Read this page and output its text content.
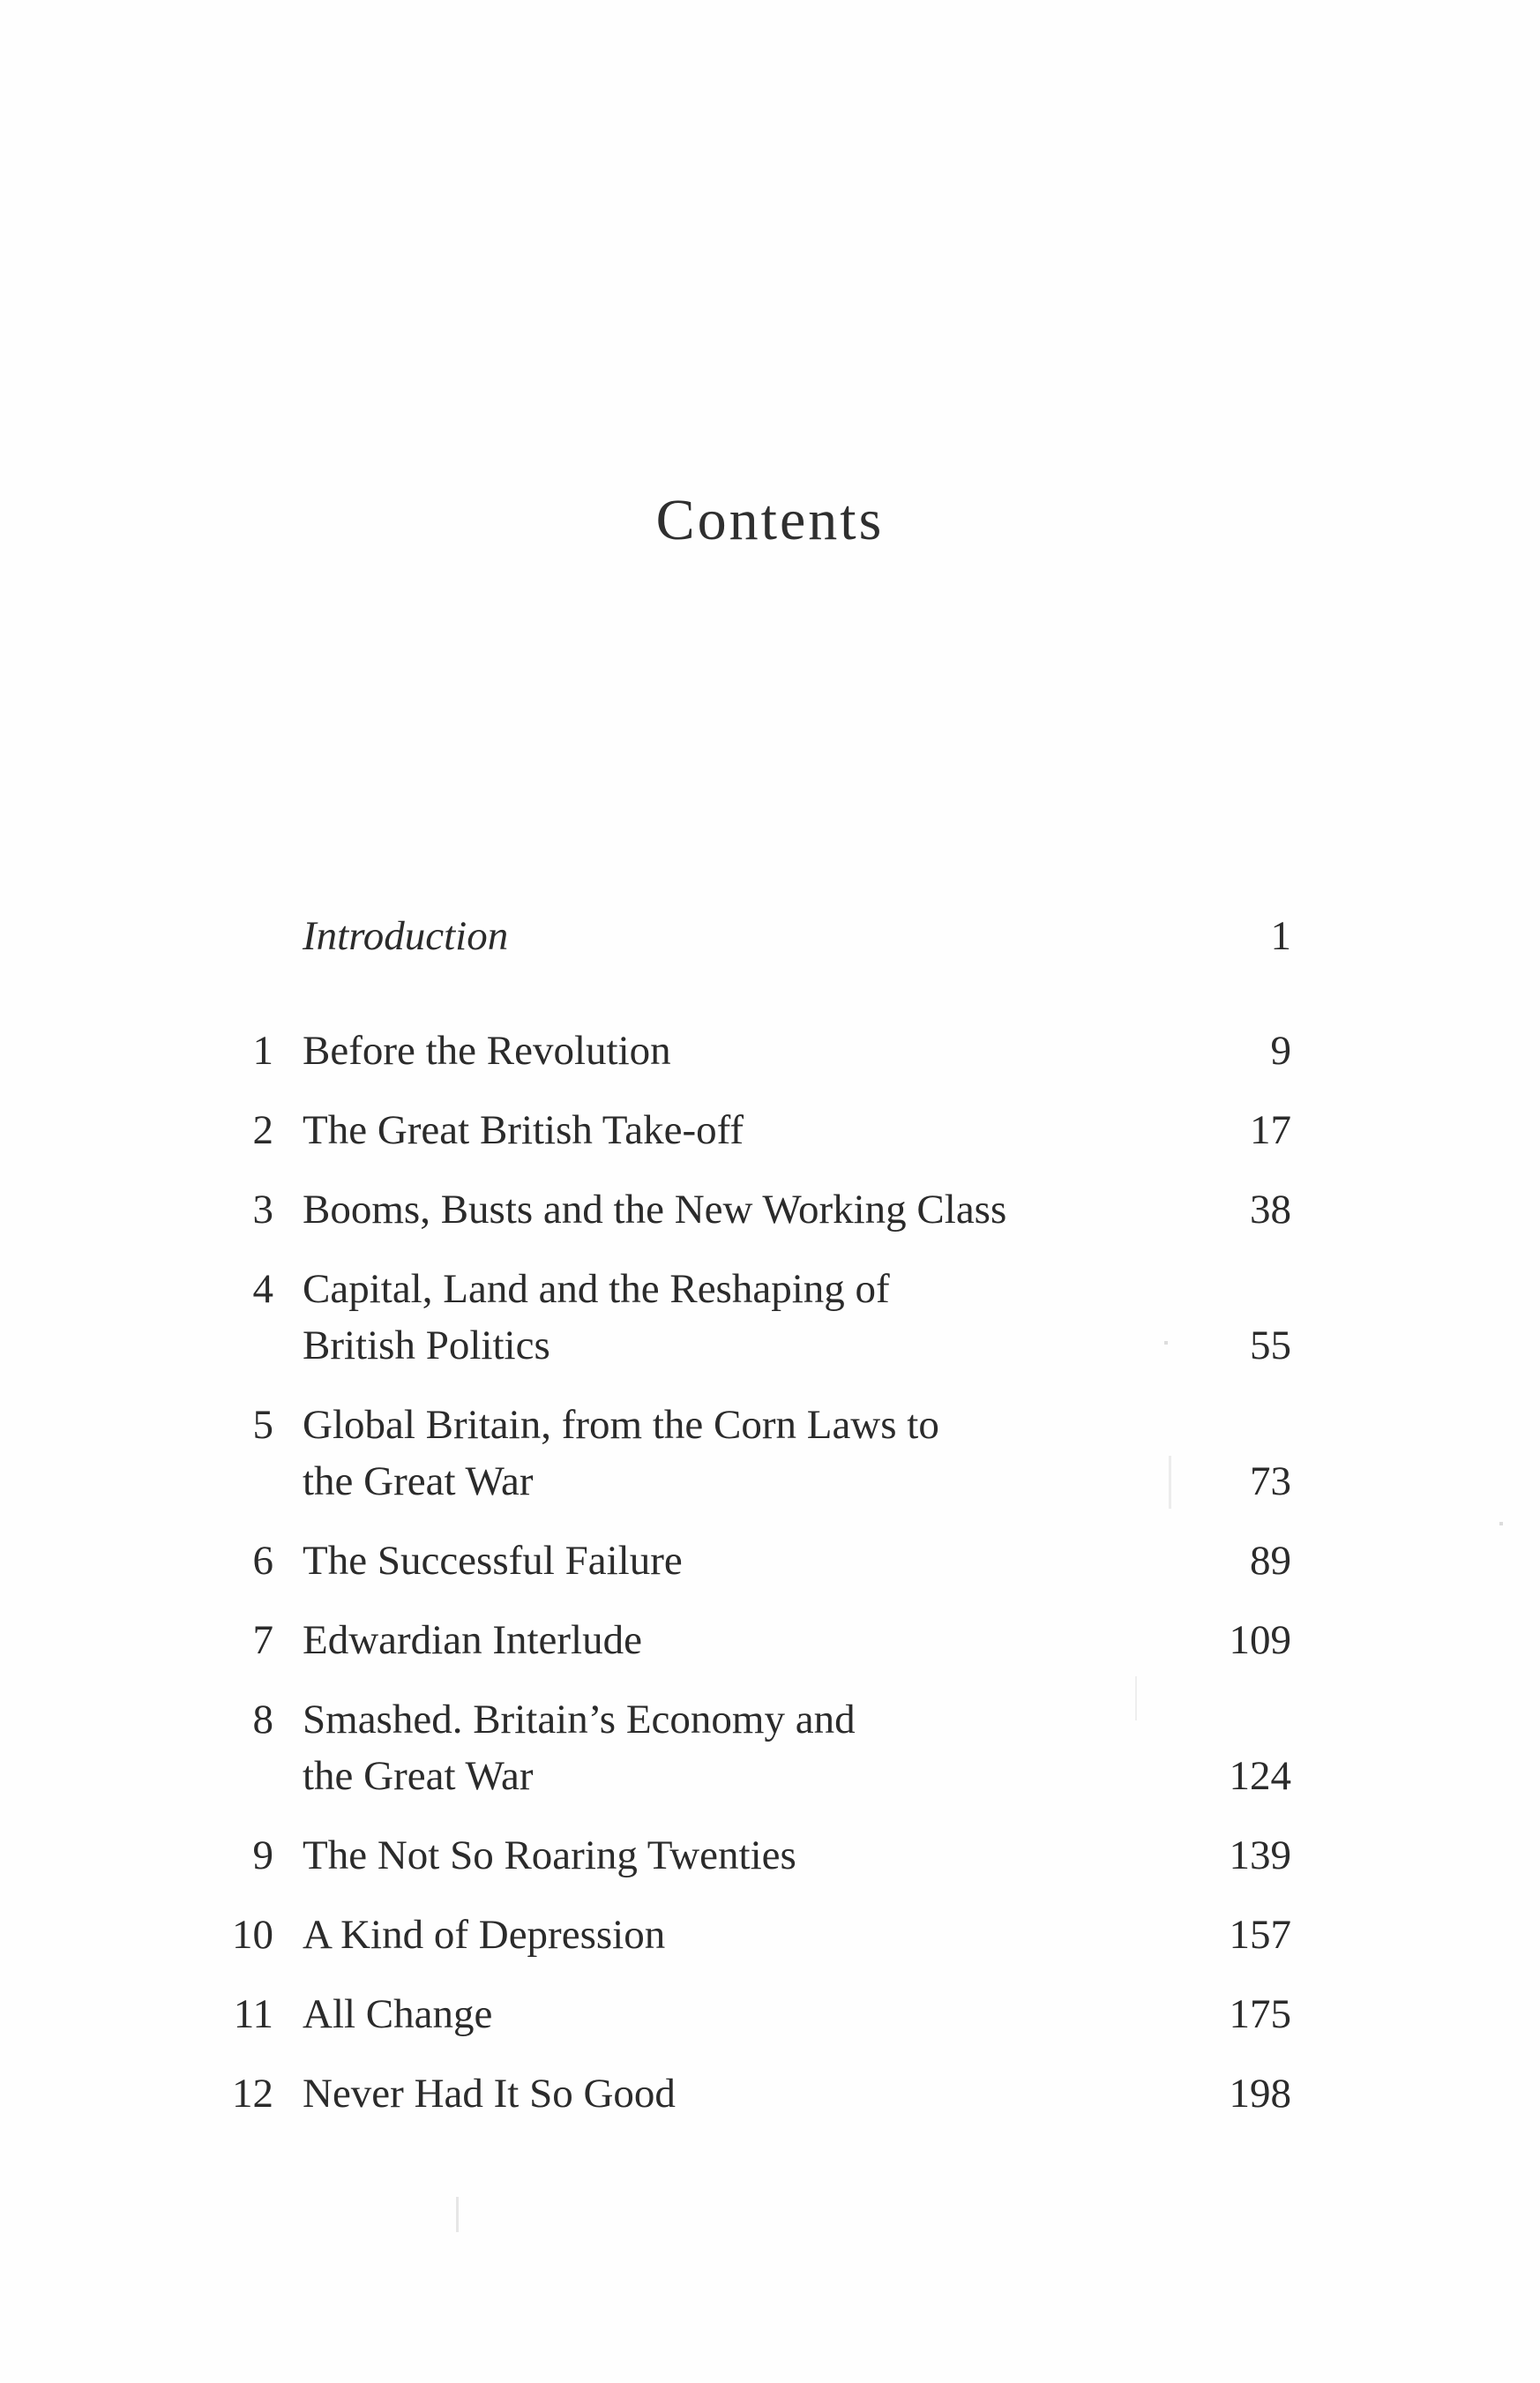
Contents
Introduction	1
1 Before the Revolution	9
2 The Great British Take-off	17
3 Booms, Busts and the New Working Class	38
4 Capital, Land and the Reshaping of
British Politics	55
5 Global Britain, from the Corn Laws to
the Great War	73
6 The Successful Failure	89
7 Edwardian Interlude	109
8 Smashed. Britain’s Economy and
the Great War	124
9 The Not So Roaring Twenties	139
10 A Kind of Depression	157
11 All Change	175
12 Never Had It So Good	198
